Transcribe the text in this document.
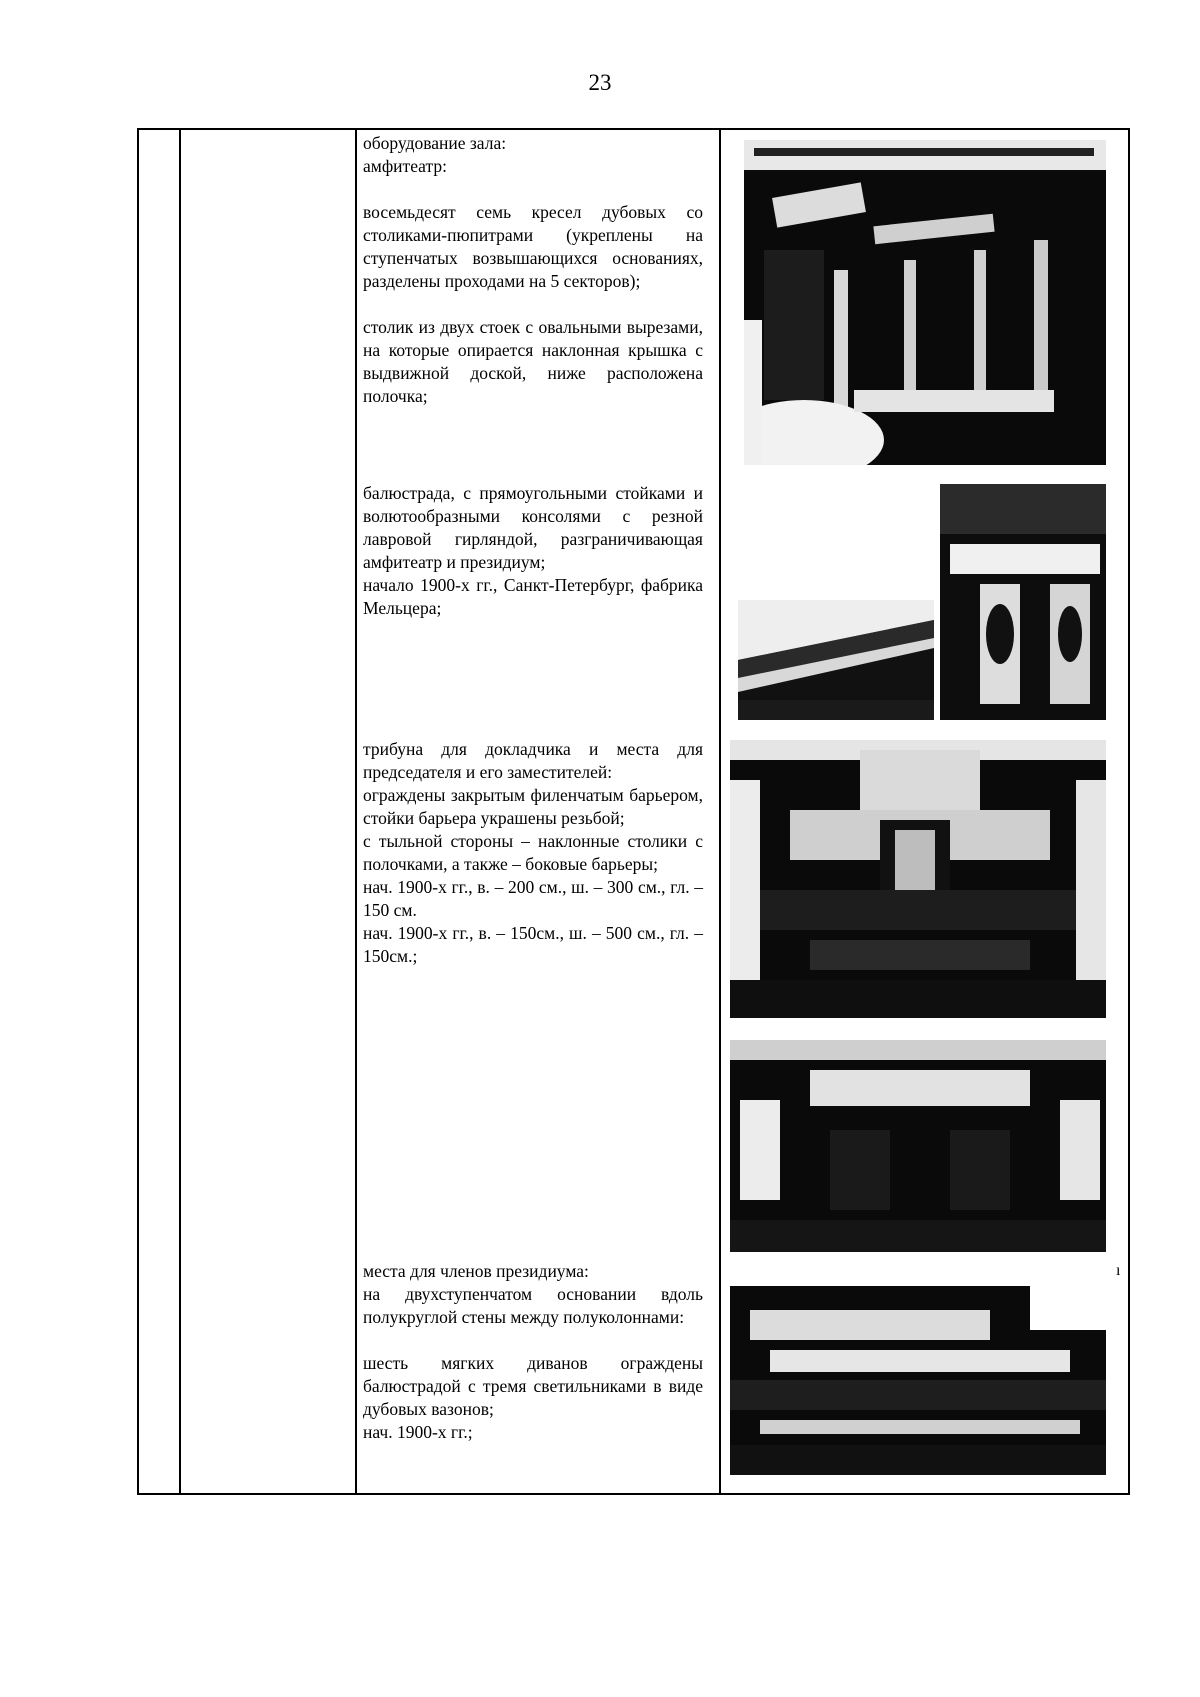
23

оборудование зала:

амфитеатр:

восемьдесят семь кресел дубовых со столиками-пюпитрами (укреплены на ступенчатых возвышающихся основаниях, разделены проходами на 5 секторов);

столик из двух стоек с овальными вырезами, на которые опирается наклонная крышка с выдвижной доской, ниже расположена полочка;

балюстрада, с прямоугольными стойками и волютообразными консолями с резной лавровой гирляндой, разграничивающая амфитеатр и президиум;

начало 1900-х гг., Санкт-Петербург, фабрика Мельцера;

трибуна для докладчика и места для председателя и его заместителей:

ограждены закрытым филенчатым барьером, стойки барьера украшены резьбой;

с тыльной стороны – наклонные столики с полочками, а также – боковые барьеры;

нач. 1900-х гг., в. – 200 см., ш. – 300 см., гл. – 150 см.

нач. 1900-х гг., в. – 150см., ш. – 500 см., гл. – 150см.;

места для членов президиума:

на двухступенчатом основании вдоль полукруглой стены между полуколоннами:

шесть мягких диванов ограждены балюстрадой с тремя светильниками в виде дубовых вазонов;

нач. 1900-х гг.;

ı
